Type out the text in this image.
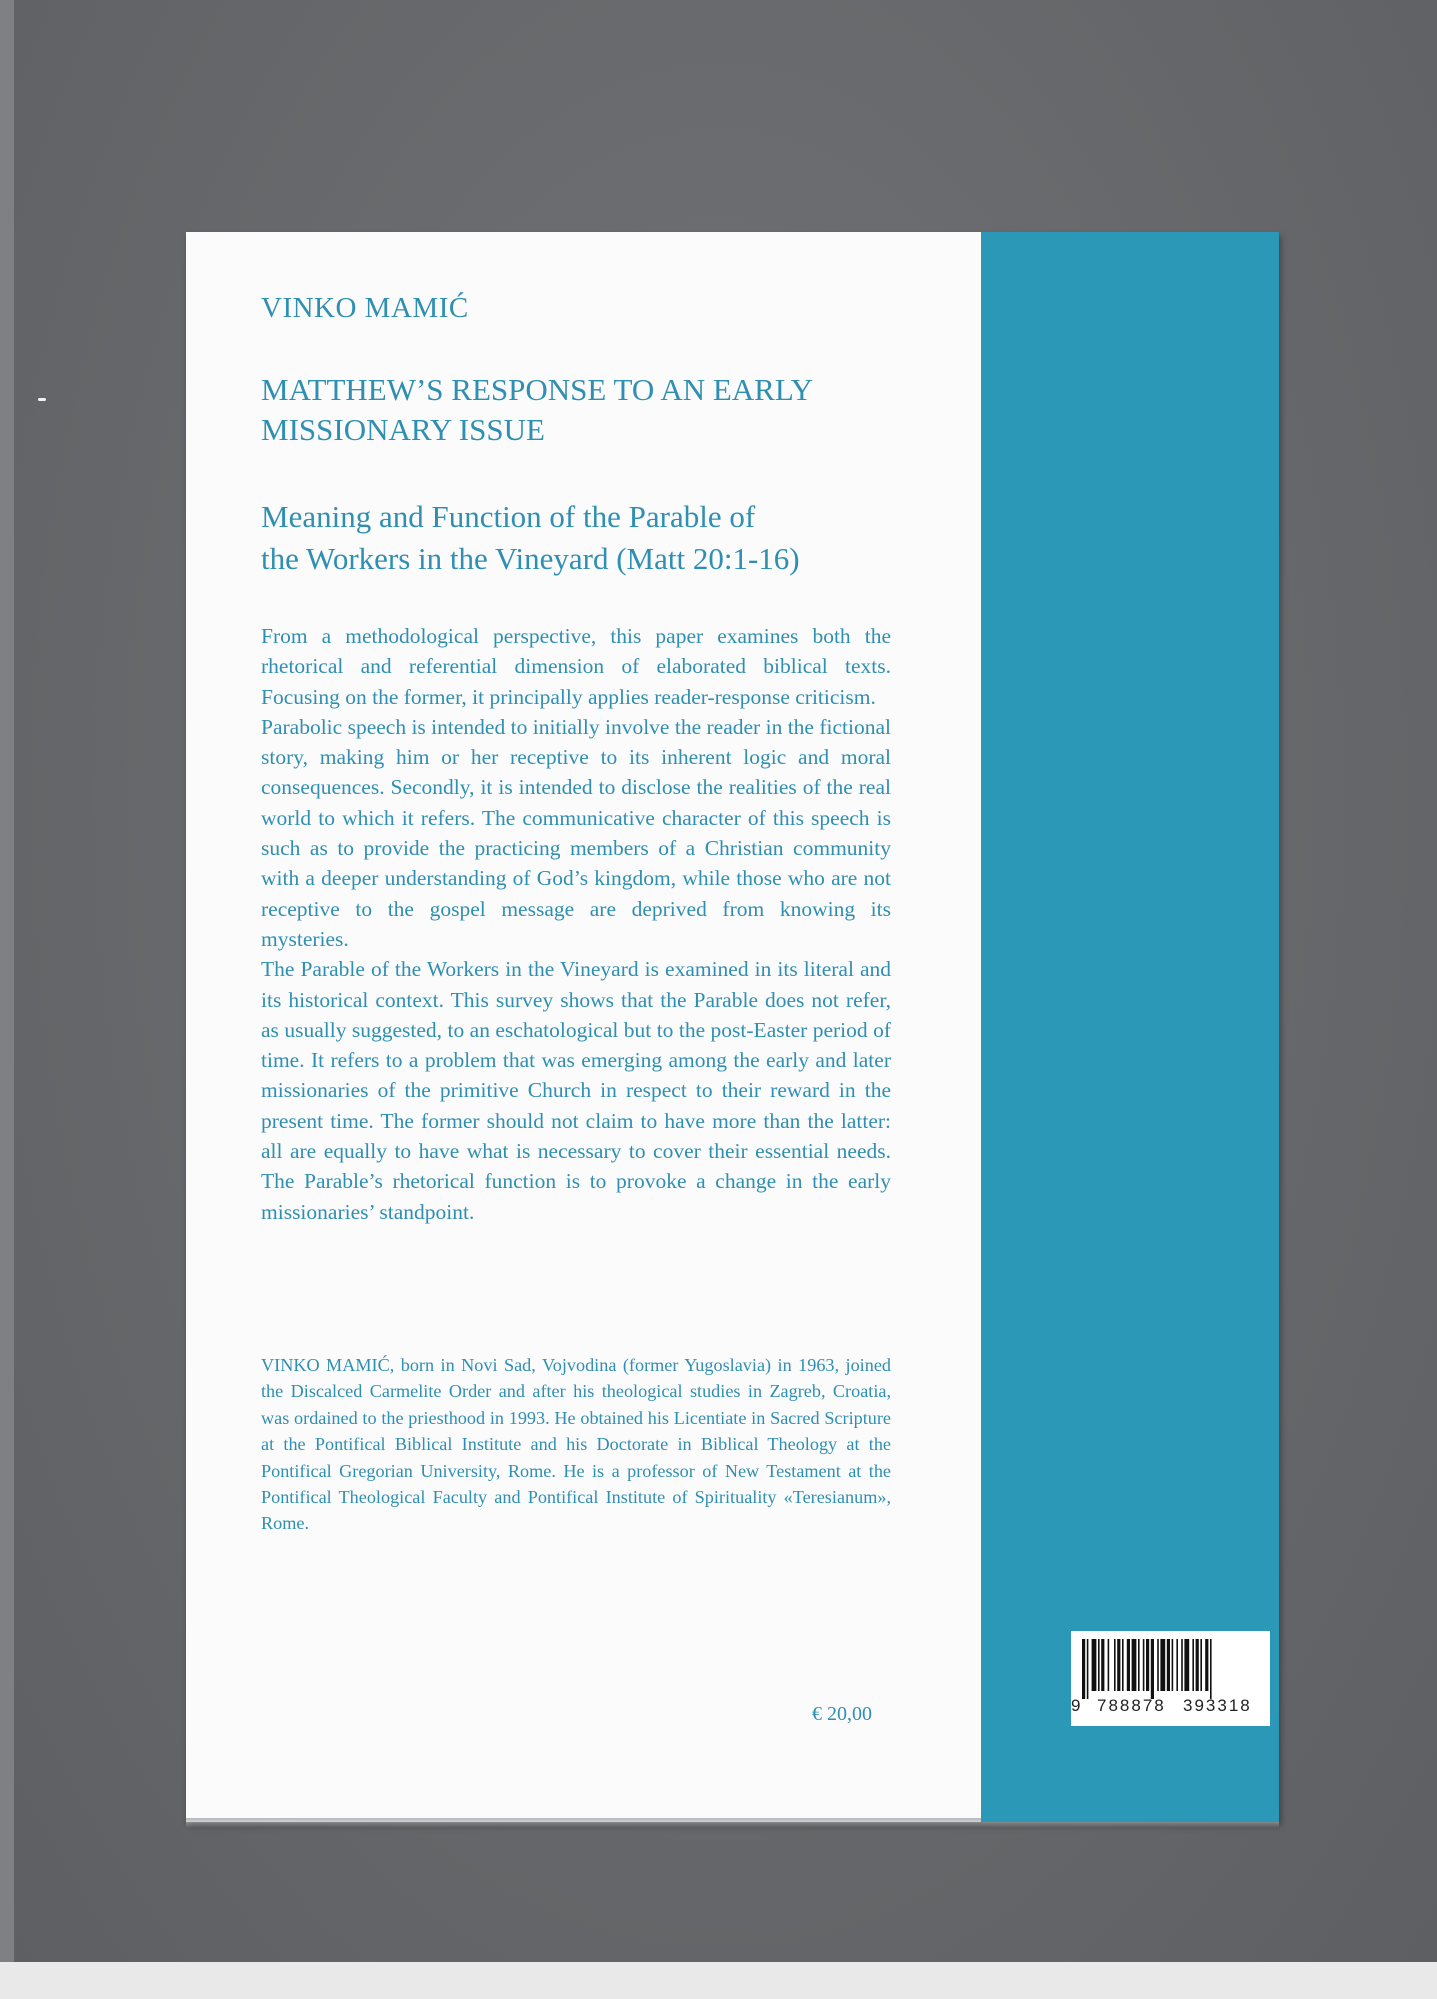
VINKO MAMIĆ
MATTHEW’S RESPONSE TO AN EARLY
MISSIONARY ISSUE
Meaning and Function of the Parable of
the Workers in the Vineyard (Matt 20:1-16)

From a methodological perspective, this paper examines both the rhetorical and referential dimension of elaborated biblical texts. Focusing on the former, it principally applies reader-response criticism.

Parabolic speech is intended to initially involve the reader in the fictional story, making him or her receptive to its inherent logic and moral consequences. Secondly, it is intended to disclose the realities of the real world to which it refers. The communicative character of this speech is such as to provide the practicing members of a Christian community with a deeper understanding of God’s kingdom, while those who are not receptive to the gospel message are deprived from knowing its mysteries.

The Parable of the Workers in the Vineyard is examined in its literal and its historical context. This survey shows that the Parable does not refer, as usually suggested, to an eschatological but to the post-Easter period of time. It refers to a problem that was emerging among the early and later missionaries of the primitive Church in respect to their reward in the present time. The former should not claim to have more than the latter: all are equally to have what is necessary to cover their essential needs. The Parable’s rhetorical function is to provoke a change in the early missionaries’ standpoint.

VINKO MAMIĆ, born in Novi Sad, Vojvodina (former Yugoslavia) in 1963, joined the Discalced Carmelite Order and after his theological studies in Zagreb, Croatia, was ordained to the priesthood in 1993. He obtained his Licentiate in Sacred Scripture at the Pontifical Biblical Institute and his Doctorate in Biblical Theology at the Pontifical Gregorian University, Rome. He is a professor of New Testament at the Pontifical Theological Faculty and Pontifical Institute of Spirituality «Teresianum», Rome.
€ 20,00	9 788878 393318
